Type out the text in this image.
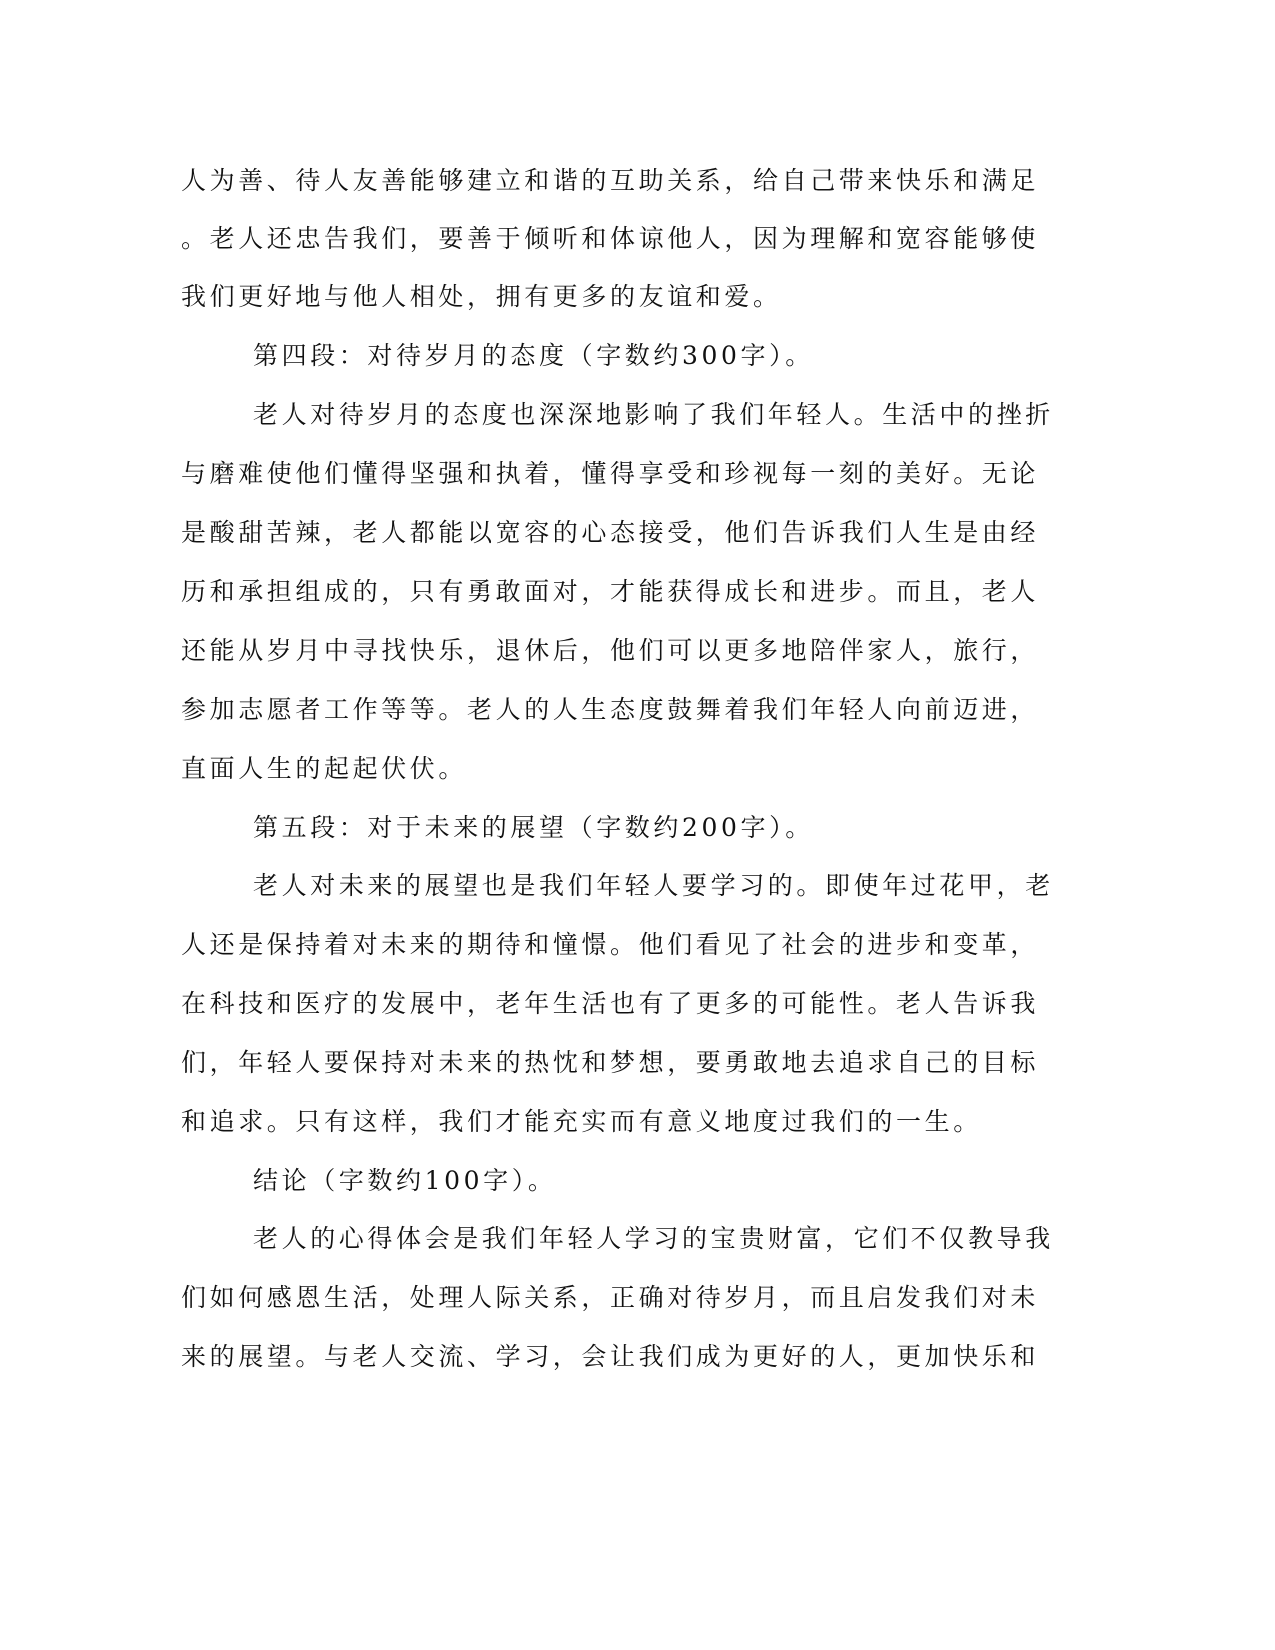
人为善、待人友善能够建立和谐的互助关系，给自己带来快乐和满足

。老人还忠告我们，要善于倾听和体谅他人，因为理解和宽容能够使

我们更好地与他人相处，拥有更多的友谊和爱。

第四段：对待岁月的态度（字数约300字）。

老人对待岁月的态度也深深地影响了我们年轻人。生活中的挫折

与磨难使他们懂得坚强和执着，懂得享受和珍视每一刻的美好。无论

是酸甜苦辣，老人都能以宽容的心态接受，他们告诉我们人生是由经

历和承担组成的，只有勇敢面对，才能获得成长和进步。而且，老人

还能从岁月中寻找快乐，退休后，他们可以更多地陪伴家人，旅行，

参加志愿者工作等等。老人的人生态度鼓舞着我们年轻人向前迈进，

直面人生的起起伏伏。

第五段：对于未来的展望（字数约200字）。

老人对未来的展望也是我们年轻人要学习的。即使年过花甲，老

人还是保持着对未来的期待和憧憬。他们看见了社会的进步和变革，

在科技和医疗的发展中，老年生活也有了更多的可能性。老人告诉我

们，年轻人要保持对未来的热忱和梦想，要勇敢地去追求自己的目标

和追求。只有这样，我们才能充实而有意义地度过我们的一生。

结论（字数约100字）。

老人的心得体会是我们年轻人学习的宝贵财富，它们不仅教导我

们如何感恩生活，处理人际关系，正确对待岁月，而且启发我们对未

来的展望。与老人交流、学习，会让我们成为更好的人，更加快乐和
